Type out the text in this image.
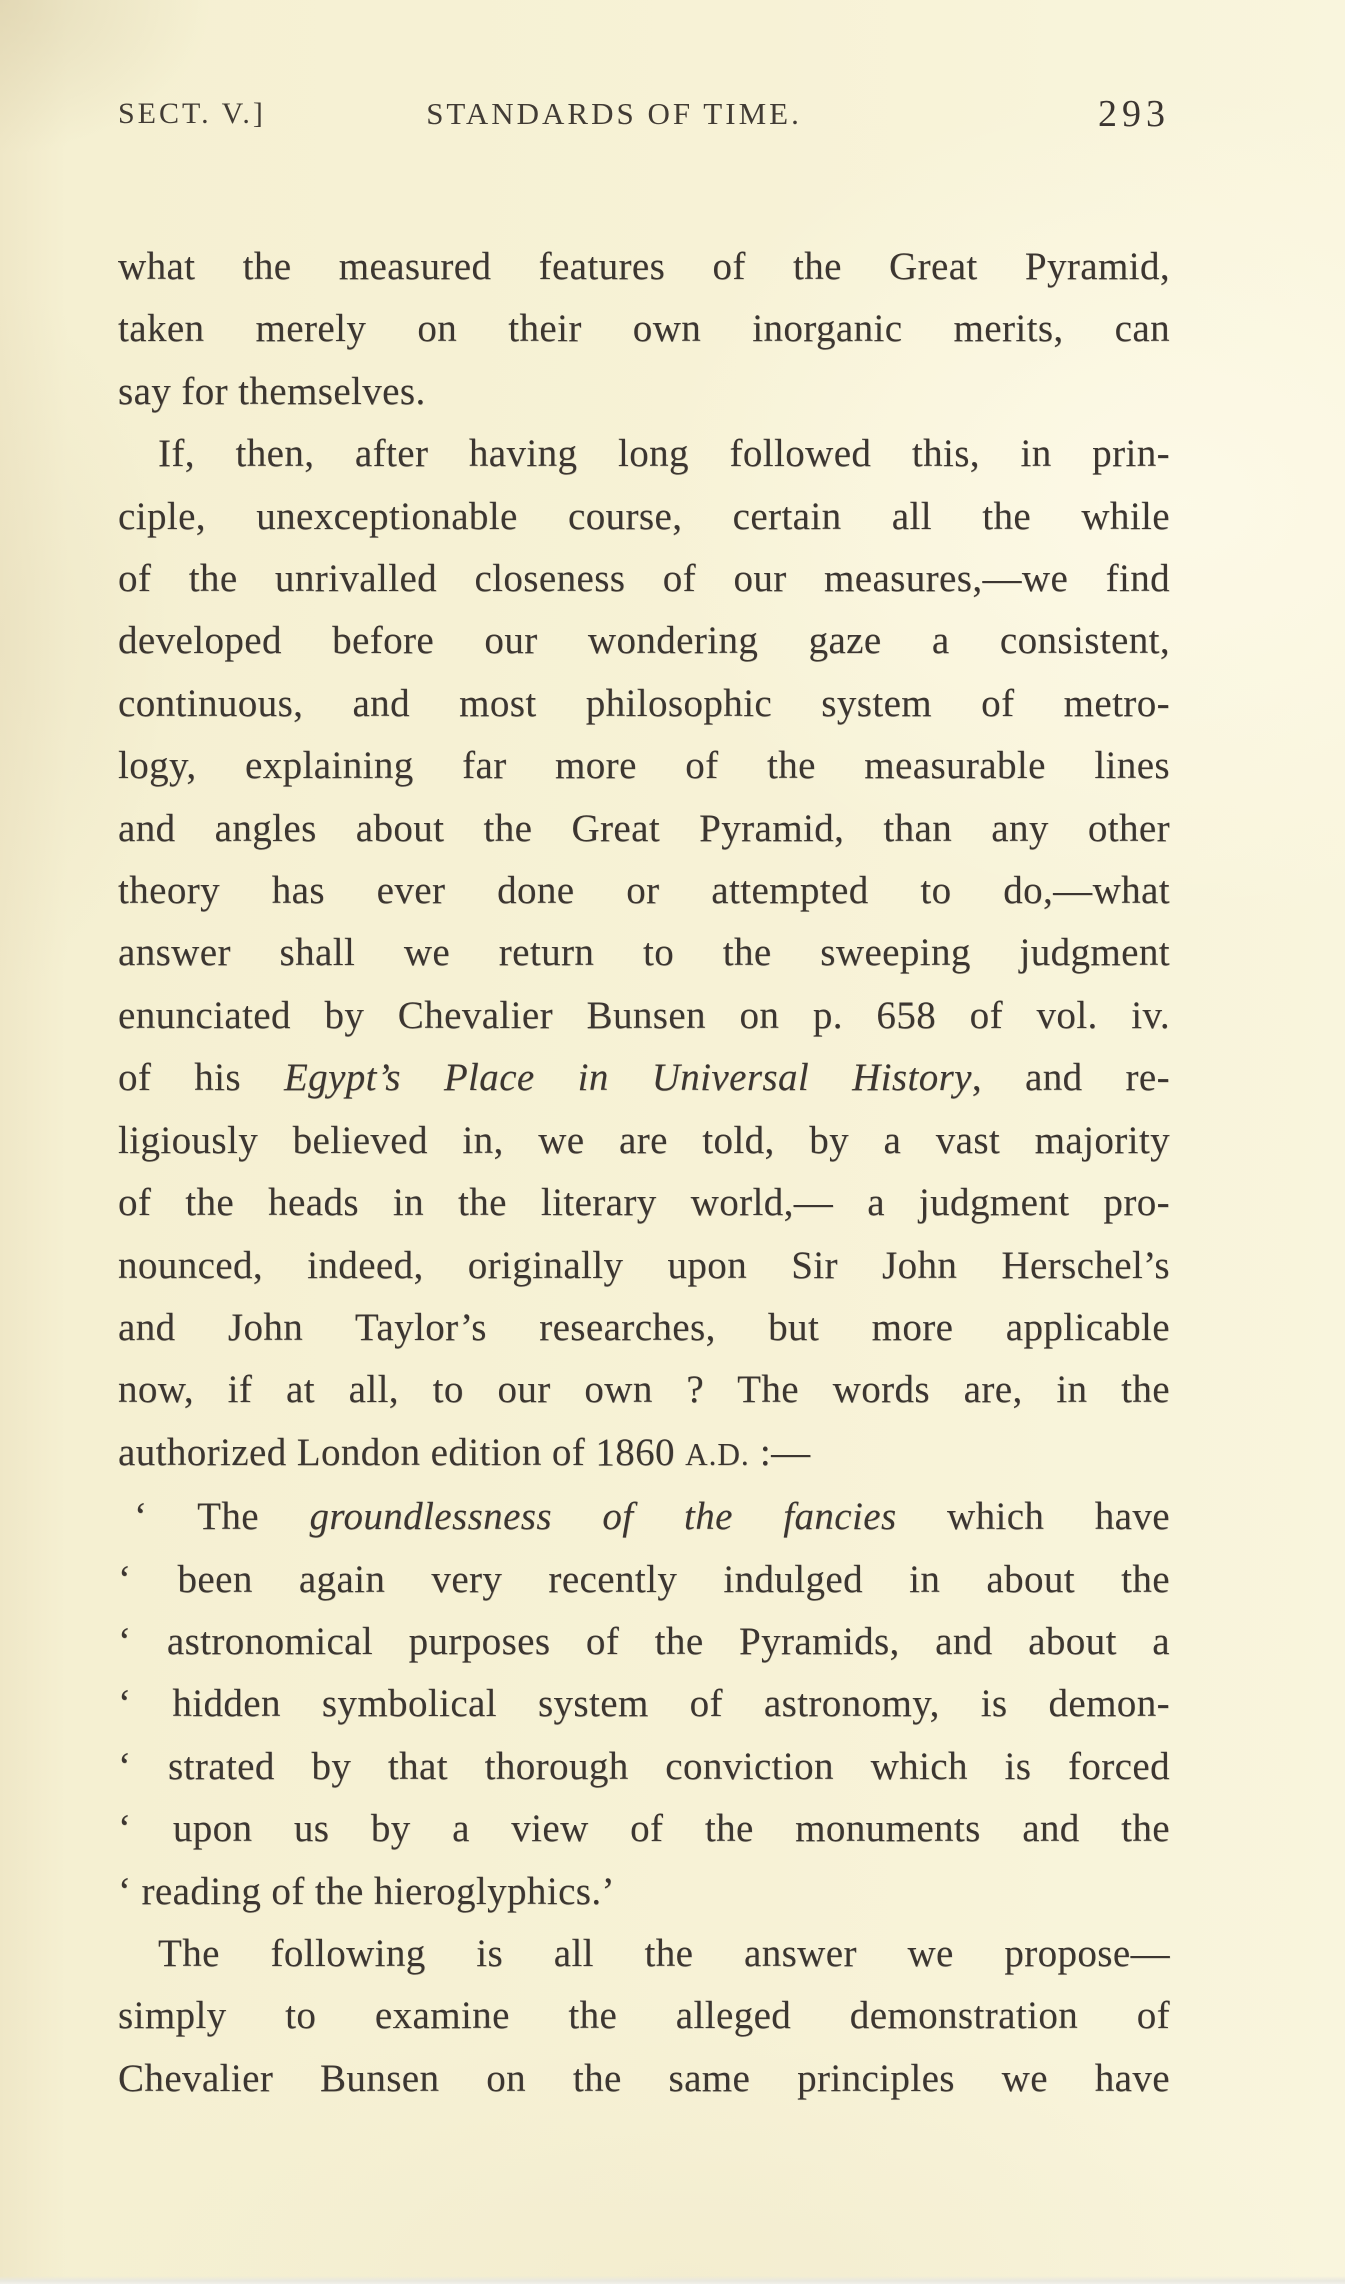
SECT. V.]	STANDARDS OF TIME.	293
what the measured features of the Great Pyramid,
taken merely on their own inorganic merits, can
say for themselves.
If, then, after having long followed this, in prin-
ciple, unexceptionable course, certain all the while
of the unrivalled closeness of our measures,—we find
developed before our wondering gaze a consistent,
continuous, and most philosophic system of metro-
logy, explaining far more of the measurable lines
and angles about the Great Pyramid, than any other
theory has ever done or attempted to do,—what
answer shall we return to the sweeping judgment
enunciated by Chevalier Bunsen on p. 658 of vol. iv.
of his Egypt’s Place in Universal History, and re-
ligiously believed in, we are told, by a vast majority
of the heads in the literary world,— a judgment pro-
nounced, indeed, originally upon Sir John Herschel’s
and John Taylor’s researches, but more applicable
now, if at all, to our own ? The words are, in the
authorized London edition of 1860 A.D. :—
‘ The groundlessness of the fancies which have
‘ been again very recently indulged in about the
‘ astronomical purposes of the Pyramids, and about a
‘ hidden symbolical system of astronomy, is demon-
‘ strated by that thorough conviction which is forced
‘ upon us by a view of the monuments and the
‘ reading of the hieroglyphics.’
The following is all the answer we propose—
simply to examine the alleged demonstration of
Chevalier Bunsen on the same principles we have
